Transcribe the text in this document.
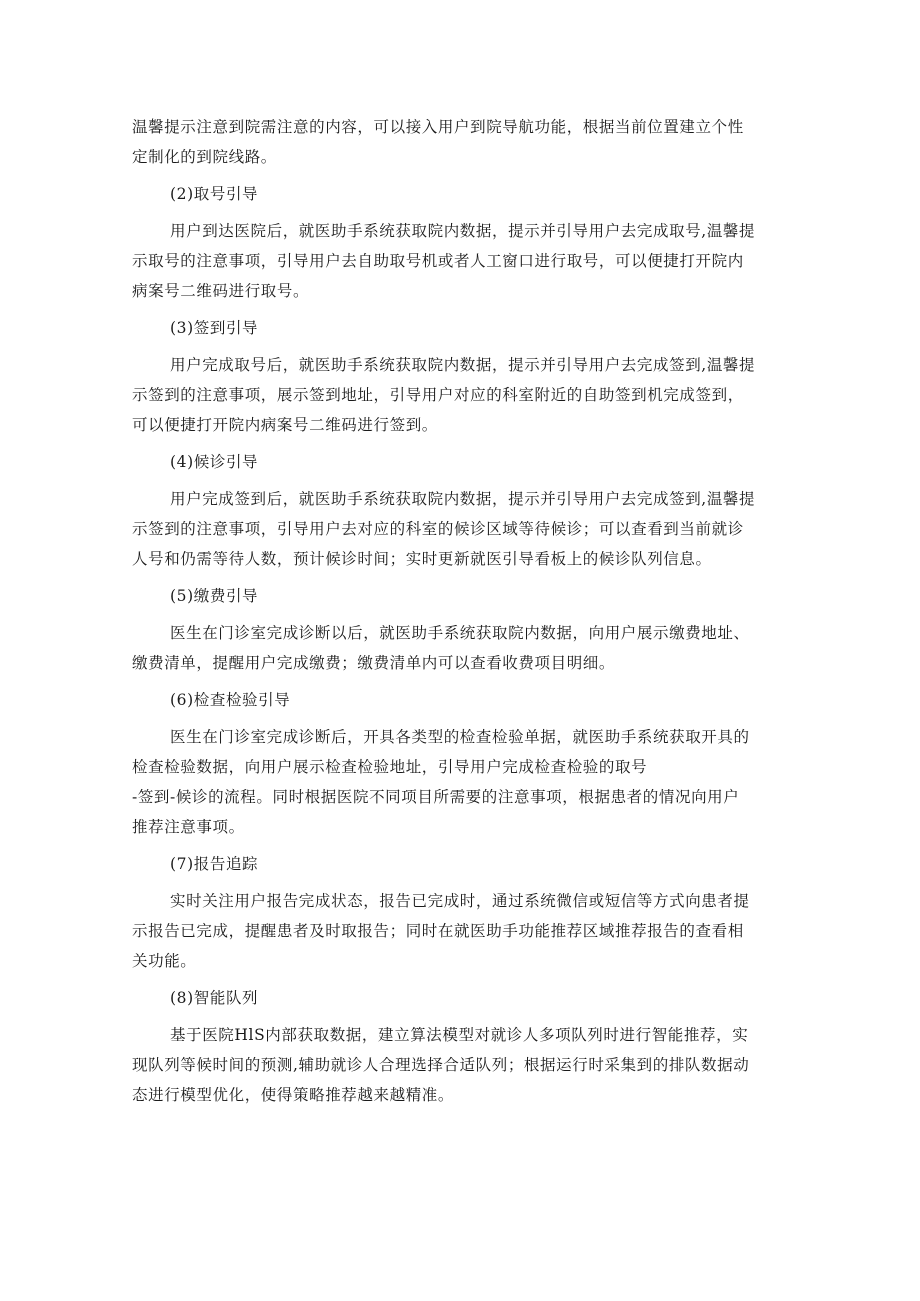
温馨提示注意到院需注意的内容，可以接入用户到院导航功能，根据当前位置建立个性
定制化的到院线路。
(2)取号引导
用户到达医院后，就医助手系统获取院内数据，提示并引导用户去完成取号,温馨提
示取号的注意事项，引导用户去自助取号机或者人工窗口进行取号，可以便捷打开院内
病案号二维码进行取号。
(3)签到引导
用户完成取号后，就医助手系统获取院内数据，提示并引导用户去完成签到,温馨提
示签到的注意事项，展示签到地址，引导用户对应的科室附近的自助签到机完成签到，
可以便捷打开院内病案号二维码进行签到。
(4)候诊引导
用户完成签到后，就医助手系统获取院内数据，提示并引导用户去完成签到,温馨提
示签到的注意事项，引导用户去对应的科室的候诊区域等待候诊；可以查看到当前就诊
人号和仍需等待人数，预计候诊时间；实时更新就医引导看板上的候诊队列信息。
(5)缴费引导
医生在门诊室完成诊断以后，就医助手系统获取院内数据，向用户展示缴费地址、
缴费清单，提醒用户完成缴费；缴费清单内可以查看收费项目明细。
(6)检查检验引导
医生在门诊室完成诊断后，开具各类型的检查检验单据，就医助手系统获取开具的
检查检验数据，向用户展示检查检验地址，引导用户完成检查检验的取号
-签到-候诊的流程。同时根据医院不同项目所需要的注意事项，根据患者的情况向用户
推荐注意事项。
(7)报告追踪
实时关注用户报告完成状态，报告已完成时，通过系统微信或短信等方式向患者提
示报告已完成，提醒患者及时取报告；同时在就医助手功能推荐区域推荐报告的查看相
关功能。
(8)智能队列
基于医院HlS内部获取数据，建立算法模型对就诊人多项队列时进行智能推荐，实
现队列等候时间的预测,辅助就诊人合理选择合适队列；根据运行时采集到的排队数据动
态进行模型优化，使得策略推荐越来越精准。
